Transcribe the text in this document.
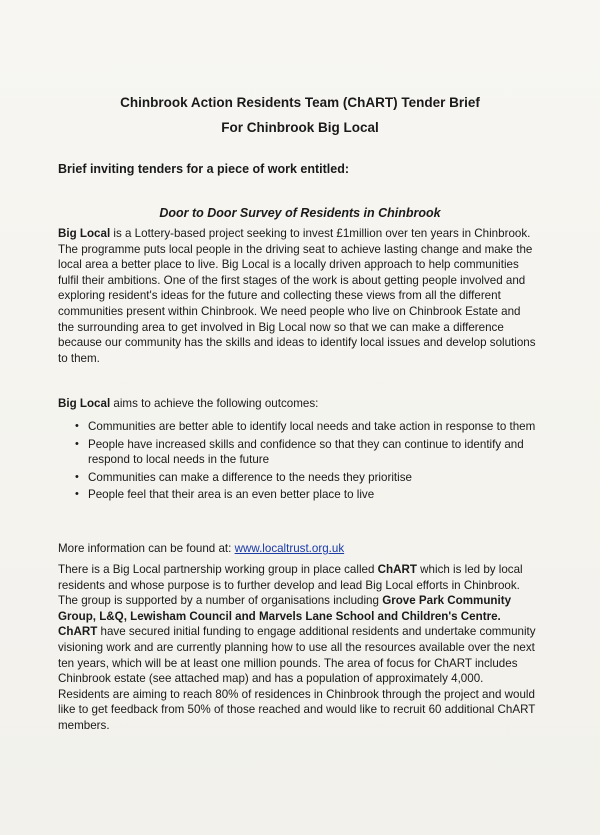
Chinbrook Action Residents Team (ChART) Tender Brief
For Chinbrook Big Local
Brief inviting tenders for a piece of work entitled:
Door to Door Survey of Residents in Chinbrook

Big Local is a Lottery-based project seeking to invest £1million over ten years in Chinbrook. The programme puts local people in the driving seat to achieve lasting change and make the local area a better place to live. Big Local is a locally driven approach to help communities fulfil their ambitions. One of the first stages of the work is about getting people involved and exploring resident's ideas for the future and collecting these views from all the different communities present within Chinbrook. We need people who live on Chinbrook Estate and the surrounding area to get involved in Big Local now so that we can make a difference because our community has the skills and ideas to identify local issues and develop solutions to them.

Big Local aims to achieve the following outcomes:

• Communities are better able to identify local needs and take action in response to them
• People have increased skills and confidence so that they can continue to identify and respond to local needs in the future
• Communities can make a difference to the needs they prioritise
• People feel that their area is an even better place to live
More information can be found at: www.localtrust.org.uk

There is a Big Local partnership working group in place called ChART which is led by local residents and whose purpose is to further develop and lead Big Local efforts in Chinbrook. The group is supported by a number of organisations including Grove Park Community Group, L&Q, Lewisham Council and Marvels Lane School and Children's Centre. ChART have secured initial funding to engage additional residents and undertake community visioning work and are currently planning how to use all the resources available over the next ten years, which will be at least one million pounds. The area of focus for ChART includes Chinbrook estate (see attached map) and has a population of approximately 4,000. Residents are aiming to reach 80% of residences in Chinbrook through the project and would like to get feedback from 50% of those reached and would like to recruit 60 additional ChART members.
